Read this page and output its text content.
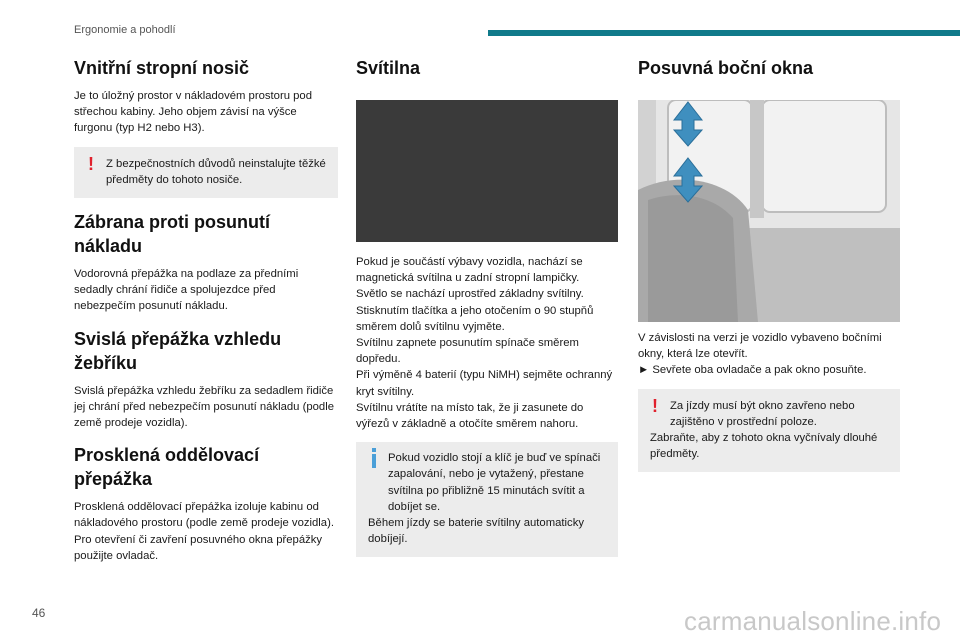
Ergonomie a pohodlí
Vnitřní stropní nosič

Je to úložný prostor v nákladovém prostoru pod střechou kabiny. Jeho objem závisí na výšce furgonu (typ H2 nebo H3).

!	Z bezpečnostních důvodů neinstalujte těžké předměty do tohoto nosiče.

Zábrana proti posunutí nákladu

Vodorovná přepážka na podlaze za předními sedadly chrání řidiče a spolujezdce před nebezpečím posunutí nákladu.

Svislá přepážka vzhledu žebříku

Svislá přepážka vzhledu žebříku za sedadlem řidiče jej chrání před nebezpečím posunutí nákladu (podle země prodeje vozidla).

Prosklená oddělovací přepážka

Prosklená oddělovací přepážka izoluje kabinu od nákladového prostoru (podle země prodeje vozidla).

Pro otevření či zavření posuvného okna přepážky použijte ovladač.

Svítilna

Pokud je součástí výbavy vozidla, nachází se magnetická svítilna u zadní stropní lampičky.

Světlo se nachází uprostřed základny svítilny.

Stisknutím tlačítka a jeho otočením o 90 stupňů směrem dolů svítilnu vyjměte.

Svítilnu zapnete posunutím spínače směrem dopředu.

Při výměně 4 baterií (typu NiMH) sejměte ochranný kryt svítilny.

Svítilnu vrátíte na místo tak, že ji zasunete do výřezů v základně a otočíte směrem nahoru.

Pokud vozidlo stojí a klíč je buď ve spínači zapalování, nebo je vytažený, přestane svítilna po přibližně 15 minutách svítit a dobíjet se.

Během jízdy se baterie svítilny automaticky dobíjejí.

Posuvná boční okna

V závislosti na verzi je vozidlo vybaveno bočními okny, která lze otevřít.

► Sevřete oba ovladače a pak okno posuňte.

!	Za jízdy musí být okno zavřeno nebo zajištěno v prostřední poloze.

Zabraňte, aby z tohoto okna vyčnívaly dlouhé předměty.

46	carmanualsonline.info
